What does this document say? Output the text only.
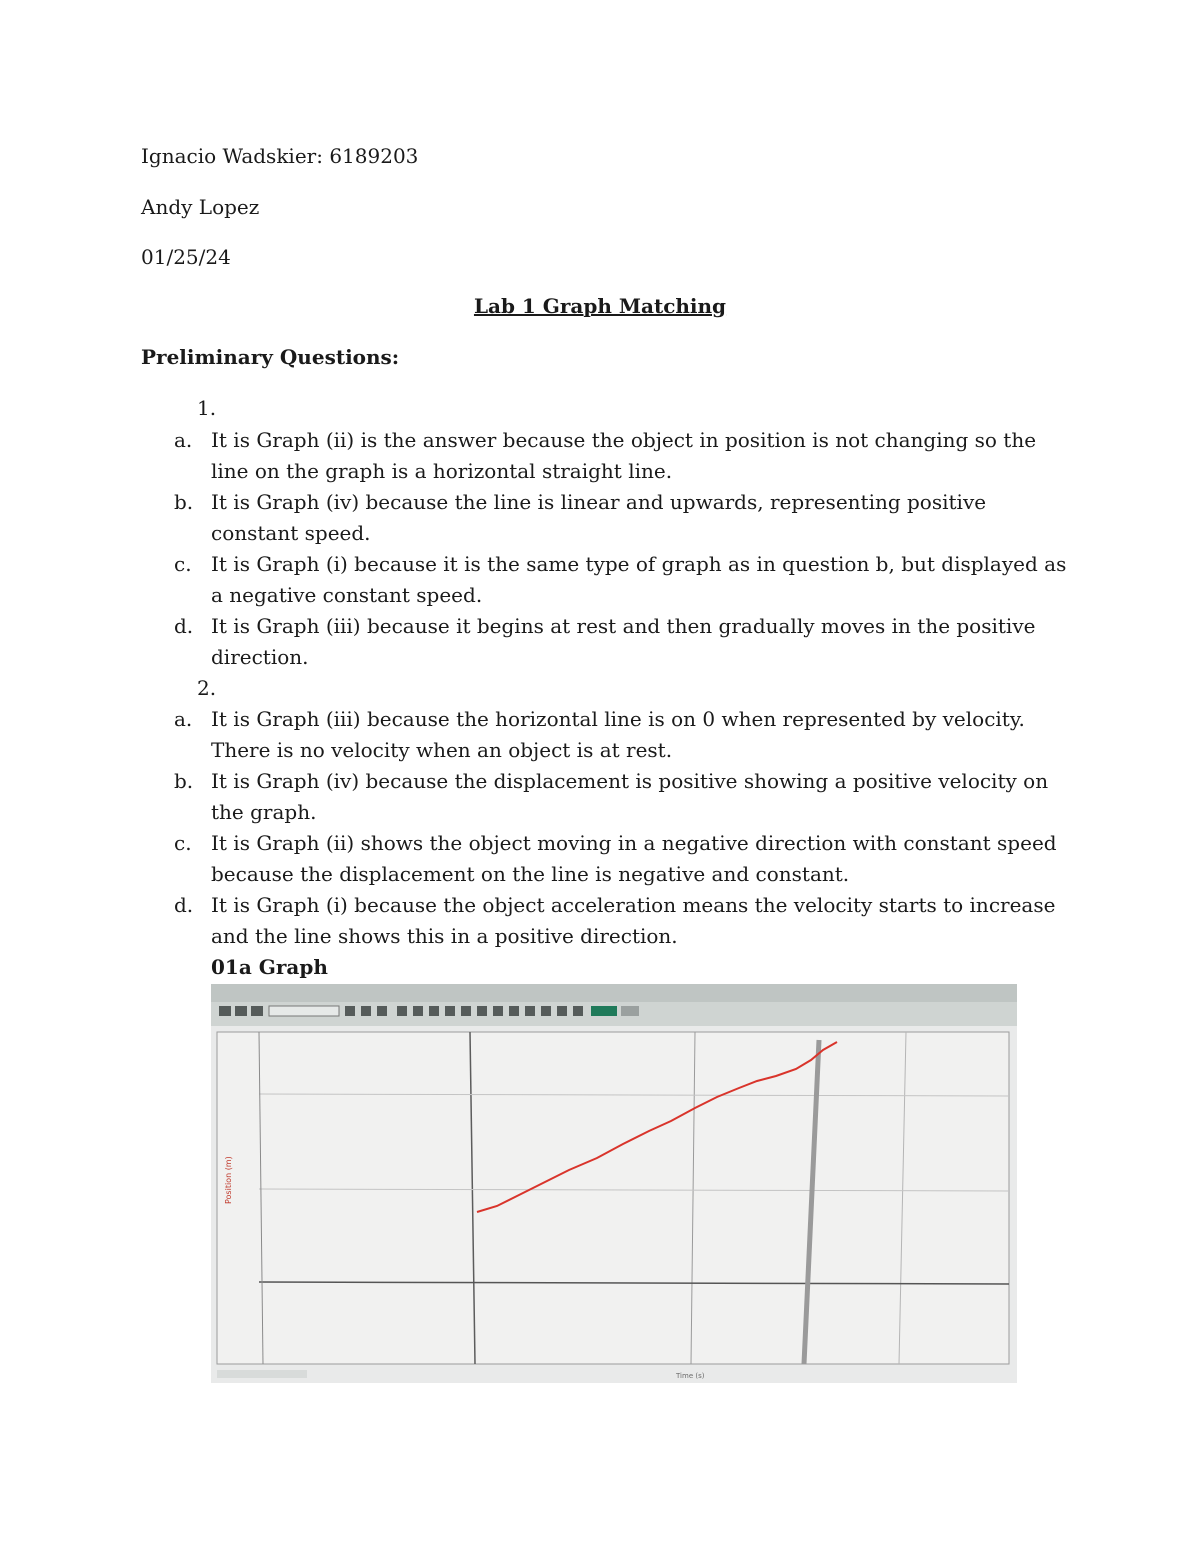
Ignacio Wadskier: 6189203
Andy Lopez
01/25/24
Lab 1 Graph Matching
Preliminary Questions:
1.
a. It is Graph (ii) is the answer because the object in position is not changing so the line on the graph is a horizontal straight line.
b. It is Graph (iv) because the line is linear and upwards, representing positive constant speed.
c. It is Graph (i) because it is the same type of graph as in question b, but displayed as a negative constant speed.
d. It is Graph (iii) because it begins at rest and then gradually moves in the positive direction.
2.
a. It is Graph (iii) because the horizontal line is on 0 when represented by velocity. There is no velocity when an object is at rest.
b. It is Graph (iv) because the displacement is positive showing a positive velocity on the graph.
c. It is Graph (ii) shows the object moving in a negative direction with constant speed because the displacement on the line is negative and constant.
d. It is Graph (i) because the object acceleration means the velocity starts to increase and the line shows this in a positive direction.
01a Graph
Position (m)
Time (s)
